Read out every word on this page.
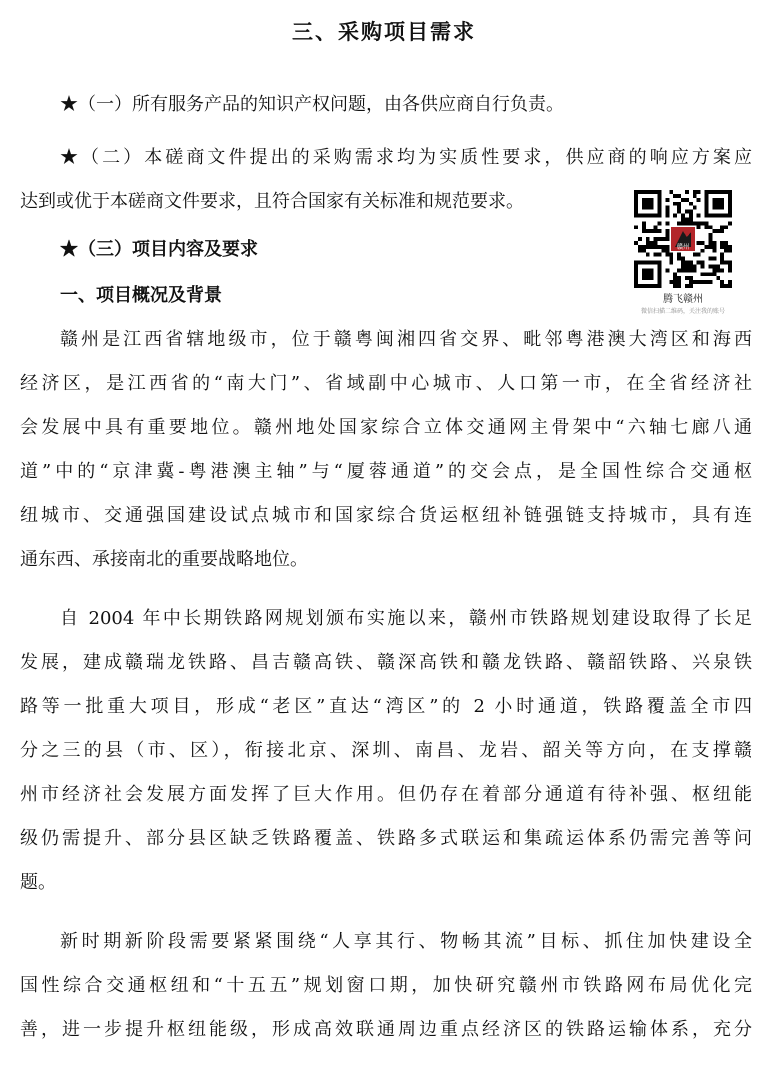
三、采购项目需求
★（一）所有服务产品的知识产权问题，由各供应商自行负责。
★（二）本磋商文件提出的采购需求均为实质性要求，供应商的响应方案应
达到或优于本磋商文件要求，且符合国家有关标准和规范要求。
★（三）项目内容及要求
一、项目概况及背景
赣州是江西省辖地级市，位于赣粤闽湘四省交界、毗邻粤港澳大湾区和海西
经济区，是江西省的“南大门”、省域副中心城市、人口第一市，在全省经济社
会发展中具有重要地位。赣州地处国家综合立体交通网主骨架中“六轴七廊八通
道”中的“京津冀-粤港澳主轴”与“厦蓉通道”的交会点，是全国性综合交通枢
纽城市、交通强国建设试点城市和国家综合货运枢纽补链强链支持城市，具有连
通东西、承接南北的重要战略地位。
自 2004 年中长期铁路网规划颁布实施以来，赣州市铁路规划建设取得了长足
发展，建成赣瑞龙铁路、昌吉赣高铁、赣深高铁和赣龙铁路、赣韶铁路、兴泉铁
路等一批重大项目，形成“老区”直达“湾区”的 2 小时通道，铁路覆盖全市四
分之三的县（市、区），衔接北京、深圳、南昌、龙岩、韶关等方向，在支撑赣
州市经济社会发展方面发挥了巨大作用。但仍存在着部分通道有待补强、枢纽能
级仍需提升、部分县区缺乏铁路覆盖、铁路多式联运和集疏运体系仍需完善等问
题。
新时期新阶段需要紧紧围绕“人享其行、物畅其流”目标、抓住加快建设全
国性综合交通枢纽和“十五五”规划窗口期，加快研究赣州市铁路网布局优化完
善，进一步提升枢纽能级，形成高效联通周边重点经济区的铁路运输体系，充分
赣州
腾飞赣州
微信扫描二维码，关注我的账号
